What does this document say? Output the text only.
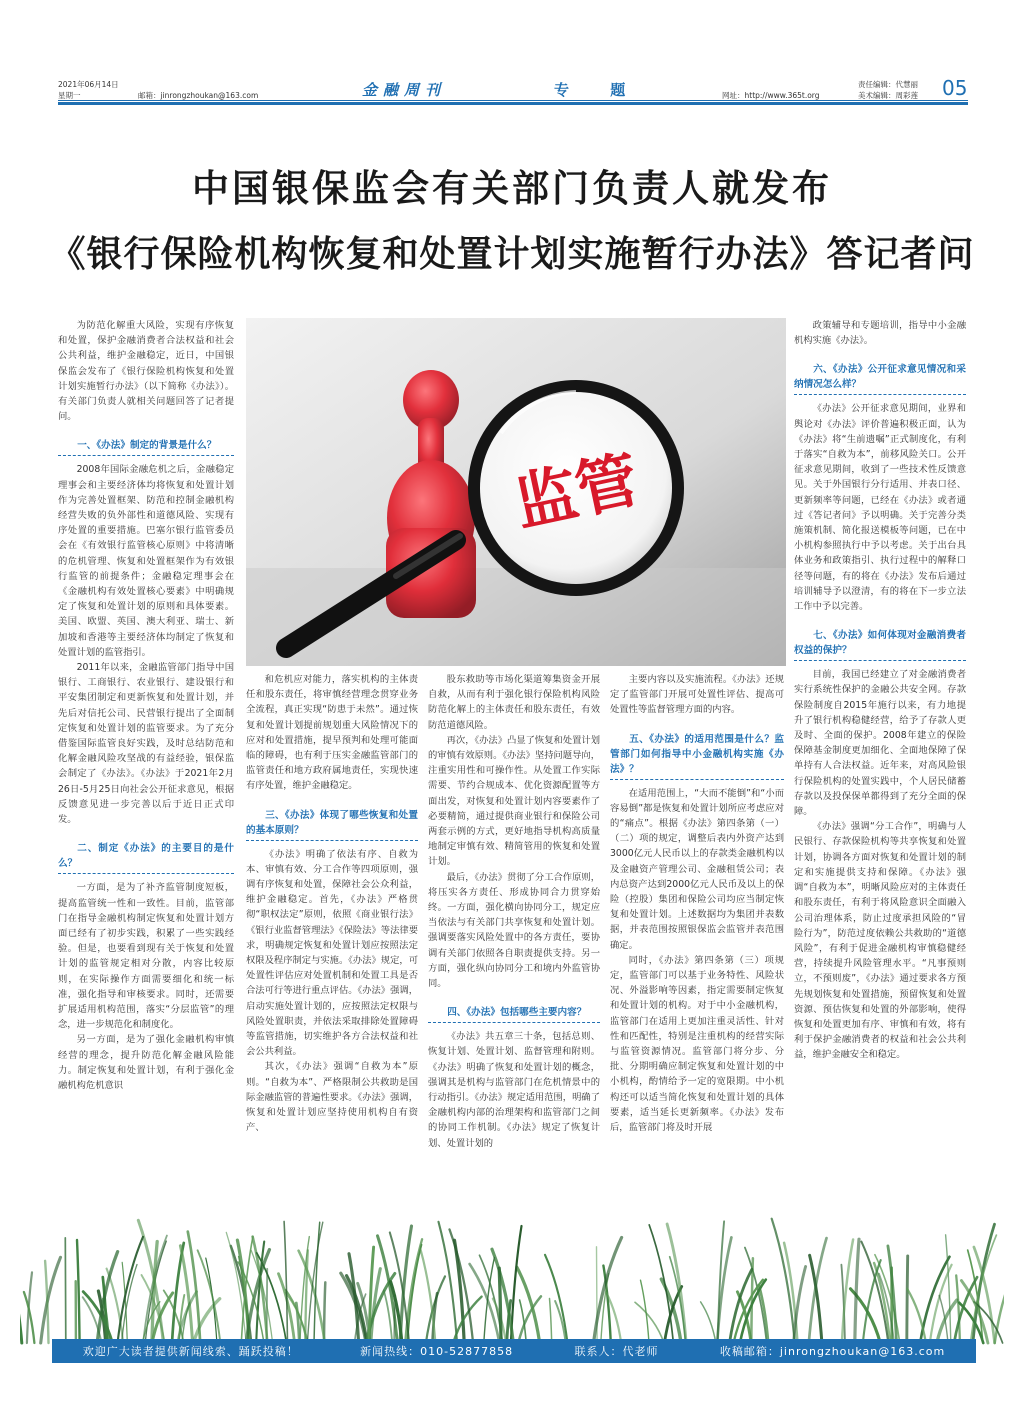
2021年06月14日
星期一	邮箱：jinrongzhoukan@163.com	金融周刊	专 题	网址：http://www.365t.org
责任编辑：代慧丽
美术编辑：周彩莲 05
中国银保监会有关部门负责人就发布
《银行保险机构恢复和处置计划实施暂行办法》答记者问
监管

为防范化解重大风险，实现有序恢复和处置，保护金融消费者合法权益和社会公共利益，维护金融稳定，近日，中国银保监会发布了《银行保险机构恢复和处置计划实施暂行办法》（以下简称《办法》）。有关部门负责人就相关问题回答了记者提问。

一、《办法》制定的背景是什么？

2008年国际金融危机之后，金融稳定理事会和主要经济体均将恢复和处置计划作为完善处置框架、防范和控制金融机构经营失败的负外部性和道德风险、实现有序处置的重要措施。巴塞尔银行监管委员会在《有效银行监管核心原则》中将清晰的危机管理、恢复和处置框架作为有效银行监管的前提条件；金融稳定理事会在《金融机构有效处置核心要素》中明确规定了恢复和处置计划的原则和具体要素。美国、欧盟、英国、澳大利亚、瑞士、新加坡和香港等主要经济体均制定了恢复和处置计划的监管指引。

2011年以来，金融监管部门指导中国银行、工商银行、农业银行、建设银行和平安集团制定和更新恢复和处置计划，并先后对信托公司、民营银行提出了全面制定恢复和处置计划的监管要求。为了充分借鉴国际监管良好实践，及时总结防范和化解金融风险攻坚战的有益经验，银保监会制定了《办法》。《办法》于2021年2月26日-5月25日向社会公开征求意见，根据反馈意见进一步完善以后于近日正式印发。

二、制定《办法》的主要目的是什么？

一方面，是为了补齐监管制度短板，提高监管统一性和一致性。目前，监管部门在指导金融机构制定恢复和处置计划方面已经有了初步实践，积累了一些实践经验。但是，也要看到现有关于恢复和处置计划的监管规定相对分散，内容比较原则，在实际操作方面需要细化和统一标准，强化指导和审核要求。同时，还需要扩展适用机构范围，落实“分层监管”的理念，进一步规范化和制度化。

另一方面，是为了强化金融机构审慎经营的理念，提升防范化解金融风险能力。制定恢复和处置计划，有利于强化金融机构危机意识

和危机应对能力，落实机构的主体责任和股东责任，将审慎经营理念贯穿业务全流程，真正实现“防患于未然”。通过恢复和处置计划提前规划重大风险情况下的应对和处置措施，提早预判和处理可能面临的障碍，也有利于压实金融监管部门的监管责任和地方政府属地责任，实现快速有序处置，维护金融稳定。

三、《办法》体现了哪些恢复和处置的基本原则？

《办法》明确了依法有序、自救为本、审慎有效、分工合作等四项原则，强调有序恢复和处置，保障社会公众利益，维护金融稳定。首先，《办法》严格贯彻“职权法定”原则，依照《商业银行法》《银行业监督管理法》《保险法》等法律要求，明确规定恢复和处置计划应按照法定权限及程序制定与实施。《办法》规定，可处置性评估应对处置机制和处置工具是否合法可行等进行重点评估。《办法》强调，启动实施处置计划的，应按照法定权限与风险处置职责，并依法采取排除处置障碍等监管措施，切实维护各方合法权益和社会公共利益。

其次，《办法》强调“自救为本”原则。“自救为本”、严格限制公共救助是国际金融监管的普遍性要求。《办法》强调，恢复和处置计划应坚持使用机构自有资产、

股东救助等市场化渠道筹集资金开展自救，从而有利于强化银行保险机构风险防范化解上的主体责任和股东责任，有效防范道德风险。

再次，《办法》凸显了恢复和处置计划的审慎有效原则。《办法》坚持问题导向，注重实用性和可操作性。从处置工作实际需要、节约合规成本、优化资源配置等方面出发，对恢复和处置计划内容要素作了必要精简，通过提供商业银行和保险公司两套示例的方式，更好地指导机构高质量地制定审慎有效、精简管用的恢复和处置计划。

最后，《办法》贯彻了分工合作原则，将压实各方责任、形成协同合力贯穿始终。一方面，强化横向协同分工，规定应当依法与有关部门共享恢复和处置计划。强调要落实风险处置中的各方责任，要协调有关部门依照各自职责提供支持。另一方面，强化纵向协同分工和境内外监管协同。

四、《办法》包括哪些主要内容？

《办法》共五章三十条，包括总则、恢复计划、处置计划、监督管理和附则。《办法》明确了恢复和处置计划的概念，强调其是机构与监管部门在危机情景中的行动指引。《办法》规定适用范围，明确了金融机构内部的治理架构和监管部门之间的协同工作机制。《办法》规定了恢复计划、处置计划的

主要内容以及实施流程。《办法》还规定了监管部门开展可处置性评估、提高可处置性等监督管理方面的内容。

五、《办法》的适用范围是什么？监管部门如何指导中小金融机构实施《办法》？

在适用范围上，“大而不能倒”和“小而容易倒”都是恢复和处置计划所应考虑应对的“痛点”。根据《办法》第四条第（一）（二）项的规定，调整后表内外资产达到3000亿元人民币以上的存款类金融机构以及金融资产管理公司、金融租赁公司；表内总资产达到2000亿元人民币及以上的保险（控股）集团和保险公司均应当制定恢复和处置计划。上述数据均为集团并表数据，并表范围按照银保监会监管并表范围确定。

同时，《办法》第四条第（三）项规定，监管部门可以基于业务特性、风险状况、外溢影响等因素，指定需要制定恢复和处置计划的机构。对于中小金融机构，监管部门在适用上更加注重灵活性、针对性和匹配性，特别是注重机构的经营实际与监管资源情况。监管部门将分步、分批、分期明确应制定恢复和处置计划的中小机构，酌情给予一定的宽限期。中小机构还可以适当简化恢复和处置计划的具体要素，适当延长更新频率。《办法》发布后，监管部门将及时开展

政策辅导和专题培训，指导中小金融机构实施《办法》。

六、《办法》公开征求意见情况和采纳情况怎么样？

《办法》公开征求意见期间，业界和舆论对《办法》评价普遍积极正面，认为《办法》将“生前遗嘱”正式制度化，有利于落实“自救为本”，前移风险关口。公开征求意见期间，收到了一些技术性反馈意见。关于外国银行分行适用、并表口径、更新频率等问题，已经在《办法》或者通过《答记者问》予以明确。关于完善分类施策机制、简化报送模板等问题，已在中小机构参照执行中予以考虑。关于出台具体业务和政策指引、执行过程中的解释口径等问题，有的将在《办法》发布后通过培训辅导予以澄清，有的将在下一步立法工作中予以完善。

七、《办法》如何体现对金融消费者权益的保护？

目前，我国已经建立了对金融消费者实行系统性保护的金融公共安全网。存款保险制度自2015年施行以来，有力地提升了银行机构稳健经营，给予了存款人更及时、全面的保护。2008年建立的保险保障基金制度更加细化、全面地保障了保单持有人合法权益。近年来，对高风险银行保险机构的处置实践中，个人居民储蓄存款以及投保保单都得到了充分全面的保障。

《办法》强调“分工合作”，明确与人民银行、存款保险机构等共享恢复和处置计划，协调各方面对恢复和处置计划的制定和实施提供支持和保障。《办法》强调“自救为本”，明晰风险应对的主体责任和股东责任，有利于将风险意识全面融入公司治理体系，防止过度承担风险的“冒险行为”，防范过度依赖公共救助的“道德风险”，有利于促进金融机构审慎稳健经营，持续提升风险管理水平。“凡事预则立，不预则废”，《办法》通过要求各方预先规划恢复和处置措施，预留恢复和处置资源、预估恢复和处置的外部影响，使得恢复和处置更加有序、审慎和有效，将有利于保护金融消费者的权益和社会公共利益，维护金融安全和稳定。

欢迎广大读者提供新闻线索、踊跃投稿！	新闻热线：010-52877858	联系人：代老师	收稿邮箱：jinrongzhoukan@163.com
